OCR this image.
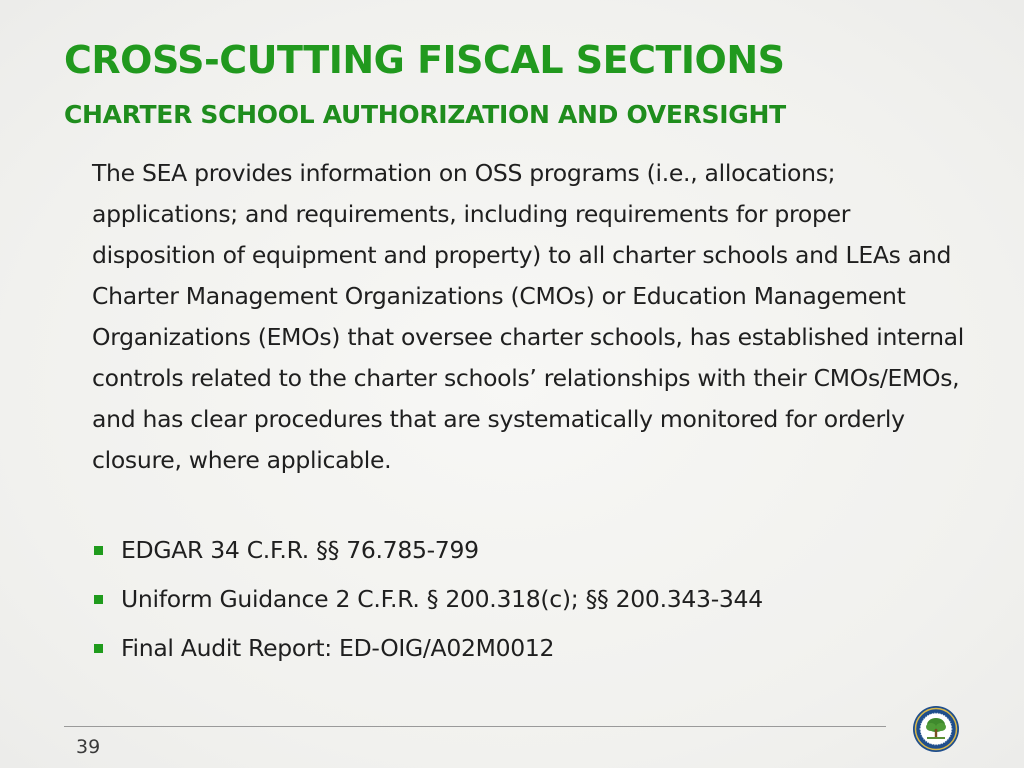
CROSS-CUTTING FISCAL SECTIONS
CHARTER SCHOOL AUTHORIZATION AND OVERSIGHT

The SEA provides information on OSS programs (i.e., allocations; applications; and requirements, including requirements for proper disposition of equipment and property) to all charter schools and LEAs and Charter Management Organizations (CMOs) or Education Management Organizations (EMOs) that oversee charter schools, has established internal controls related to the charter schools’ relationships with their CMOs/EMOs, and has clear procedures that are systematically monitored for orderly closure, where applicable.

EDGAR 34 C.F.R. §§ 76.785-799
Uniform Guidance 2 C.F.R. § 200.318(c); §§ 200.343-344
Final Audit Report: ED-OIG/A02M0012
39
